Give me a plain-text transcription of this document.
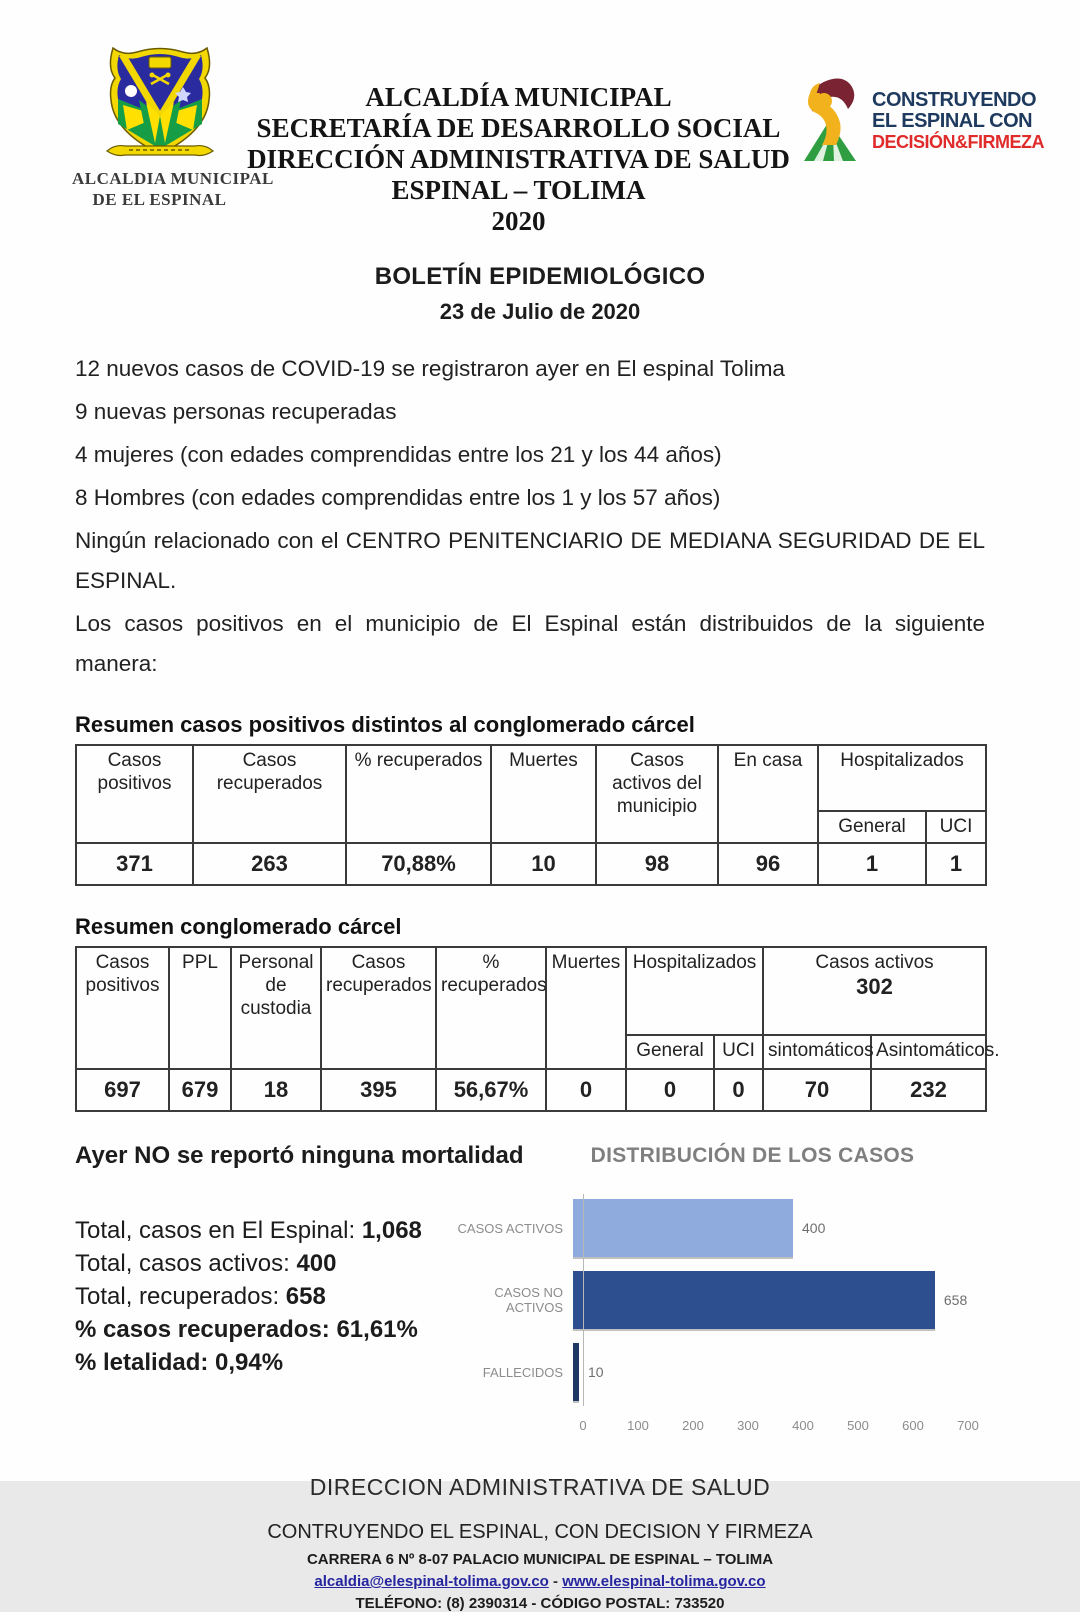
ALCALDIA MUNICIPAL
DE EL ESPINAL
ALCALDÍA MUNICIPAL
SECRETARÍA DE DESARROLLO SOCIAL
DIRECCIÓN ADMINISTRATIVA DE SALUD
ESPINAL – TOLIMA
2020
CONSTRUYENDO
EL ESPINAL CON
DECISIÓN&FIRMEZA
BOLETÍN EPIDEMIOLÓGICO
23 de Julio de 2020

12 nuevos casos de COVID-19 se registraron ayer en El espinal Tolima

9 nuevas personas recuperadas

4 mujeres (con edades comprendidas entre los 21 y los 44 años)

8 Hombres (con edades comprendidas entre los 1 y los 57 años)

Ningún relacionado con el CENTRO PENITENCIARIO DE MEDIANA SEGURIDAD DE EL ESPINAL.

Los casos positivos en el municipio de El Espinal están distribuidos de la siguiente manera:

Resumen casos positivos distintos al conglomerado cárcel
Casos positivos	Casos recuperados	% recuperados	Muertes	Casos activos del municipio	En casa	Hospitalizados	
						General	UCI
371	263	70,88%	10	98	96	1	1
Resumen conglomerado cárcel
Casos positivos	PPL	Personal de custodia	Casos recuperados	% recuperados	Muertes	Hospitalizados		Casos activos
302	

						General	UCI	sintomáticos	Asintomáticos.
697	679	18	395	56,67%	0	0	0	70	232
Ayer NO se reportó ninguna mortalidad
Total, casos en El Espinal: 1,068
Total, casos activos: 400
Total, recuperados: 658
% casos recuperados: 61,61%
% letalidad: 0,94%
DISTRIBUCIÓN DE LOS CASOS
CASOS ACTIVOS	400
CASOS NO ACTIVOS	658
FALLECIDOS	10
0	100	200	300	400	500	600	700
DIRECCION ADMINISTRATIVA DE SALUD
CONTRUYENDO EL ESPINAL, CON DECISION Y FIRMEZA
CARRERA 6 Nº 8-07 PALACIO MUNICIPAL DE ESPINAL – TOLIMA
alcaldia@elespinal-tolima.gov.co - www.elespinal-tolima.gov.co
TELÉFONO: (8) 2390314 - CÓDIGO POSTAL: 733520
